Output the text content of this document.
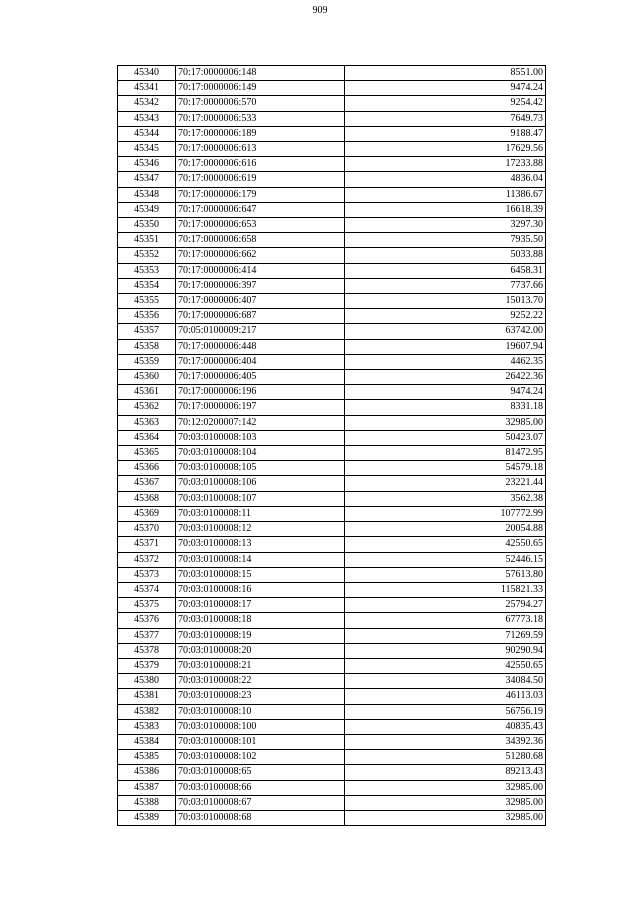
909
45340	70:17:0000006:148	8551.00
45341	70:17:0000006:149	9474.24
45342	70:17:0000006:570	9254.42
45343	70:17:0000006:533	7649.73
45344	70:17:0000006:189	9188.47
45345	70:17:0000006:613	17629.56
45346	70:17:0000006:616	17233.88
45347	70:17:0000006:619	4836.04
45348	70:17:0000006:179	11386.67
45349	70:17:0000006:647	16618.39
45350	70:17:0000006:653	3297.30
45351	70:17:0000006:658	7935.50
45352	70:17:0000006:662	5033.88
45353	70:17:0000006:414	6458.31
45354	70:17:0000006:397	7737.66
45355	70:17:0000006:407	15013.70
45356	70:17:0000006:687	9252.22
45357	70:05:0100009:217	63742.00
45358	70:17:0000006:448	19607.94
45359	70:17:0000006:404	4462.35
45360	70:17:0000006:405	26422.36
45361	70:17:0000006:196	9474.24
45362	70:17:0000006:197	8331.18
45363	70:12:0200007:142	32985.00
45364	70:03:0100008:103	50423.07
45365	70:03:0100008:104	81472.95
45366	70:03:0100008:105	54579.18
45367	70:03:0100008:106	23221.44
45368	70:03:0100008:107	3562.38
45369	70:03:0100008:11	107772.99
45370	70:03:0100008:12	20054.88
45371	70:03:0100008:13	42550.65
45372	70:03:0100008:14	52446.15
45373	70:03:0100008:15	57613.80
45374	70:03:0100008:16	115821.33
45375	70:03:0100008:17	25794.27
45376	70:03:0100008:18	67773.18
45377	70:03:0100008:19	71269.59
45378	70:03:0100008:20	90290.94
45379	70:03:0100008:21	42550.65
45380	70:03:0100008:22	34084.50
45381	70:03:0100008:23	46113.03
45382	70:03:0100008:10	56756.19
45383	70:03:0100008:100	40835.43
45384	70:03:0100008:101	34392.36
45385	70:03:0100008:102	51280.68
45386	70:03:0100008:65	89213.43
45387	70:03:0100008:66	32985.00
45388	70:03:0100008:67	32985.00
45389	70:03:0100008:68	32985.00
